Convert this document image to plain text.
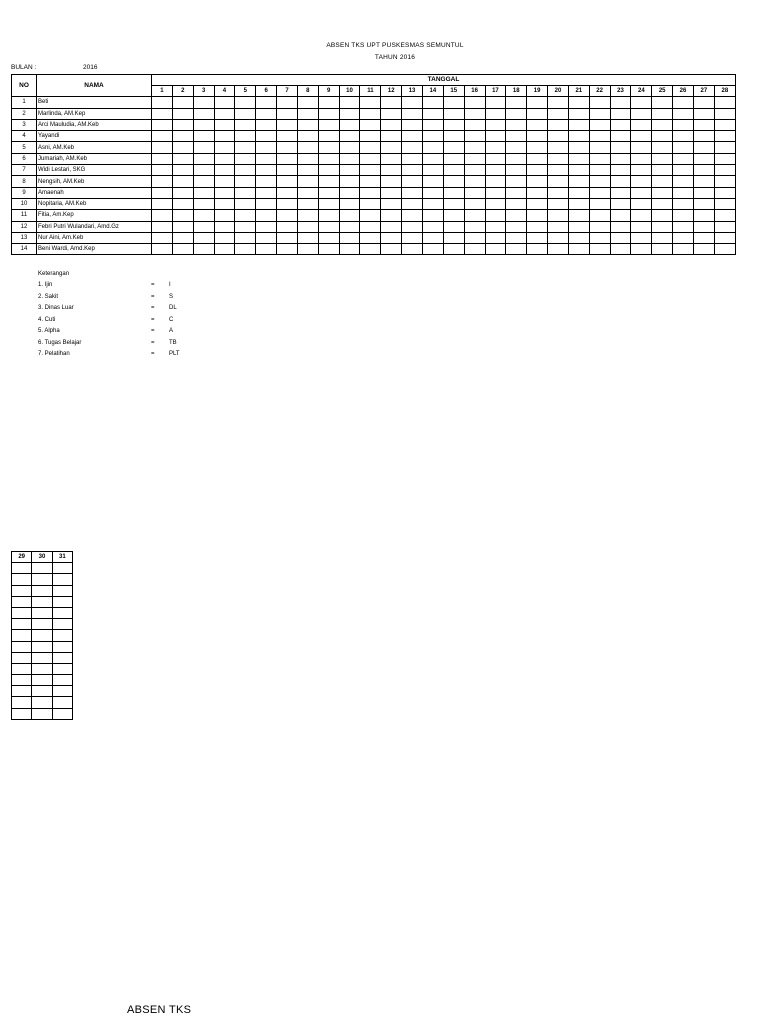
ABSEN TKS UPT PUSKESMAS SEMUNTUL
TAHUN 2016
BULAN :	2016
NO	NAMA	TANGGAL																											
		1	2	3	4	5	6	7	8	9	10	11	12	13	14	15	16	17	18	19	20	21	22	23	24	25	26	27	28
1	Beti																												
2	Marlinda, AM.Kep																												
3	Arci Mauludia, AM.Keb																												
4	Yayandi																												
5	Asni, AM.Keb																												
6	Jumariah, AM.Keb																												
7	Widi Lestari, SKG																												
8	Nengsih, AM.Keb																												
9	Amaenah																												
10	Nopitaria, AM.Keb																												
11	Fitia, Am.Kep																												
12	Febri Putri Wulandari, Amd.Gz																												
13	Nur Aini, Am.Keb																												
14	Beni Wardi, Amd.Kep																												
Keterangan
1. Ijin	= I
2. Sakit	= S
3. Dinas Luar	= DL
4. Cuti	= C
5. Alpha	= A
6. Tugas Belajar	= TB
7. Pelatihan	= PLT

29	30	31

ABSEN TKS
